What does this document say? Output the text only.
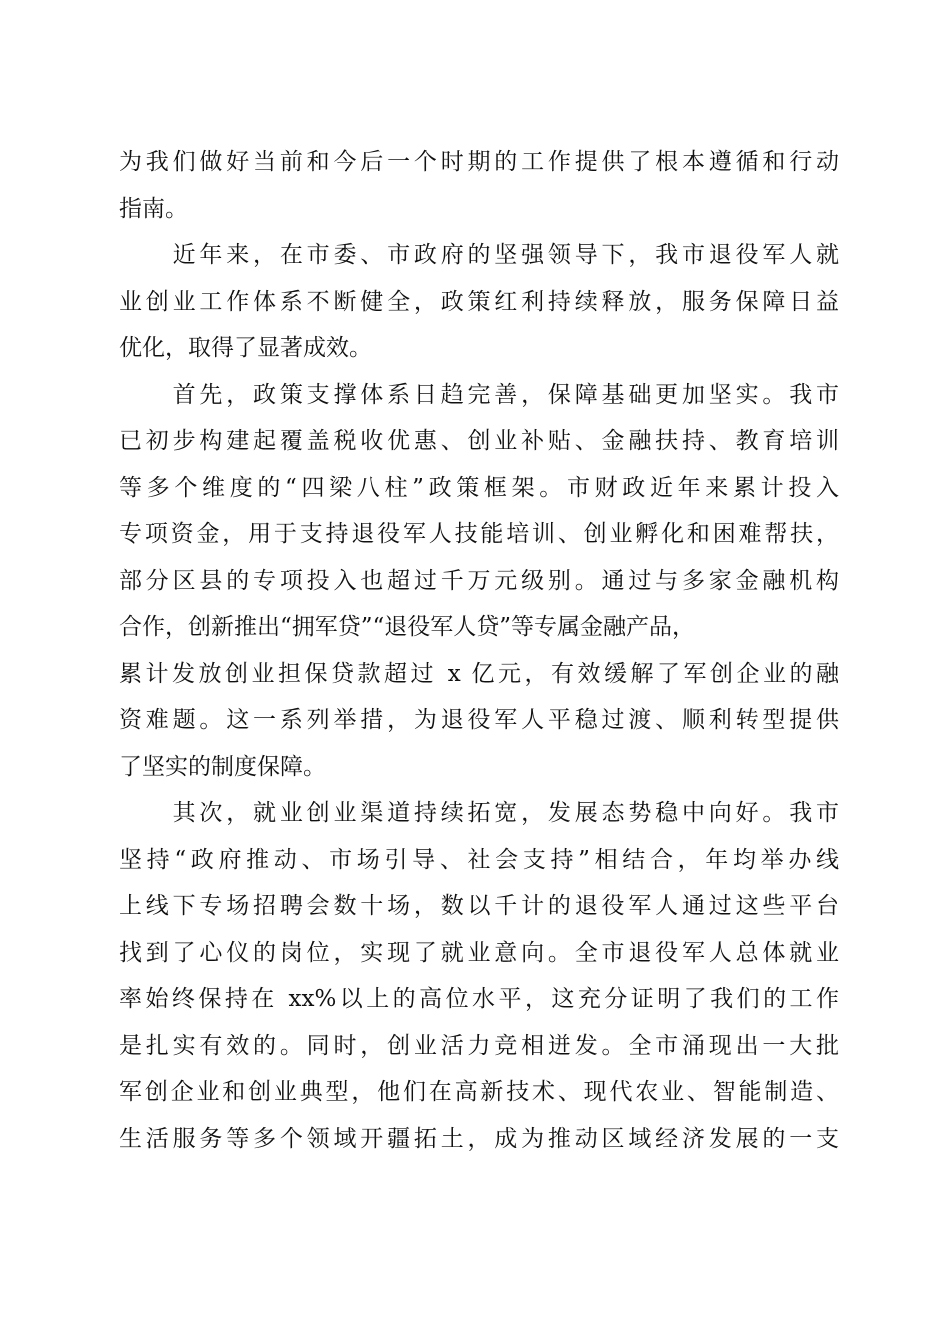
为我们做好当前和今后一个时期的工作提供了根本遵循和行动
指南。
　　近年来，在市委、市政府的坚强领导下，我市退役军人就
业创业工作体系不断健全，政策红利持续释放，服务保障日益
优化，取得了显著成效。
　　首先，政策支撑体系日趋完善，保障基础更加坚实。我市
已初步构建起覆盖税收优惠、创业补贴、金融扶持、教育培训
等多个维度的“四梁八柱”政策框架。市财政近年来累计投入
专项资金，用于支持退役军人技能培训、创业孵化和困难帮扶，
部分区县的专项投入也超过千万元级别。通过与多家金融机构
合作，创新推出“拥军贷”“退役军人贷”等专属金融产品，
累计发放创业担保贷款超过 x 亿元，有效缓解了军创企业的融
资难题。这一系列举措，为退役军人平稳过渡、顺利转型提供
了坚实的制度保障。
　　其次，就业创业渠道持续拓宽，发展态势稳中向好。我市
坚持“政府推动、市场引导、社会支持”相结合，年均举办线
上线下专场招聘会数十场，数以千计的退役军人通过这些平台
找到了心仪的岗位，实现了就业意向。全市退役军人总体就业
率始终保持在 xx%以上的高位水平，这充分证明了我们的工作
是扎实有效的。同时，创业活力竞相迸发。全市涌现出一大批
军创企业和创业典型，他们在高新技术、现代农业、智能制造、
生活服务等多个领域开疆拓土，成为推动区域经济发展的一支
